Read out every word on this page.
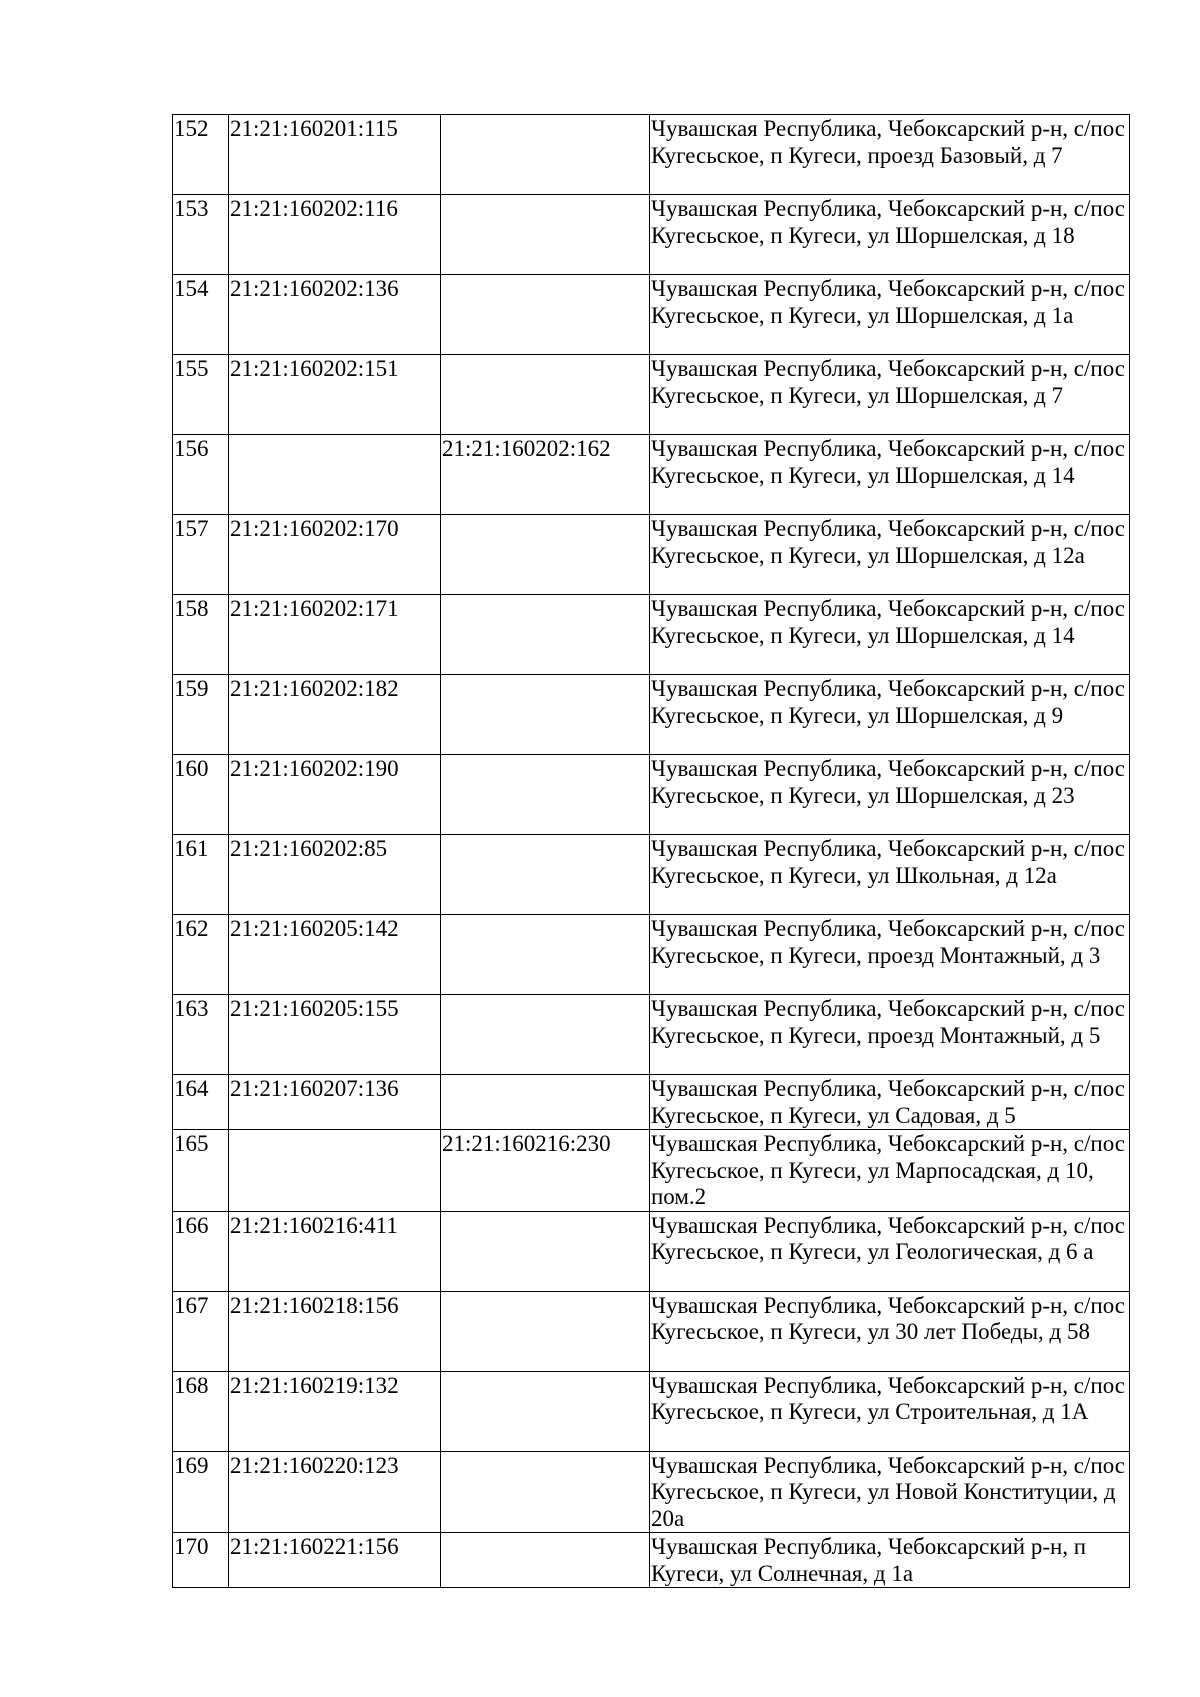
152	21:21:160201:115		Чувашская Республика, Чебоксарский р-н, с/пос Кугесьское, п Кугеси, проезд Базовый, д 7
153	21:21:160202:116		Чувашская Республика, Чебоксарский р-н, с/пос Кугесьское, п Кугеси, ул Шоршелская, д 18
154	21:21:160202:136		Чувашская Республика, Чебоксарский р-н, с/пос Кугесьское, п Кугеси, ул Шоршелская, д 1а
155	21:21:160202:151		Чувашская Республика, Чебоксарский р-н, с/пос Кугесьское, п Кугеси, ул Шоршелская, д 7
156		21:21:160202:162	Чувашская Республика, Чебоксарский р-н, с/пос Кугесьское, п Кугеси, ул Шоршелская, д 14
157	21:21:160202:170		Чувашская Республика, Чебоксарский р-н, с/пос Кугесьское, п Кугеси, ул Шоршелская, д 12а
158	21:21:160202:171		Чувашская Республика, Чебоксарский р-н, с/пос Кугесьское, п Кугеси, ул Шоршелская, д 14
159	21:21:160202:182		Чувашская Республика, Чебоксарский р-н, с/пос Кугесьское, п Кугеси, ул Шоршелская, д 9
160	21:21:160202:190		Чувашская Республика, Чебоксарский р-н, с/пос Кугесьское, п Кугеси, ул Шоршелская, д 23
161	21:21:160202:85		Чувашская Республика, Чебоксарский р-н, с/пос Кугесьское, п Кугеси, ул Школьная, д 12а
162	21:21:160205:142		Чувашская Республика, Чебоксарский р-н, с/пос Кугесьское, п Кугеси, проезд Монтажный, д 3
163	21:21:160205:155		Чувашская Республика, Чебоксарский р-н, с/пос Кугесьское, п Кугеси, проезд Монтажный, д 5
164	21:21:160207:136		Чувашская Республика, Чебоксарский р-н, с/пос Кугесьское, п Кугеси, ул Садовая, д 5
165		21:21:160216:230	Чувашская Республика, Чебоксарский р-н, с/пос Кугесьское, п Кугеси, ул Марпосадская, д 10, пом.2
166	21:21:160216:411		Чувашская Республика, Чебоксарский р-н, с/пос Кугесьское, п Кугеси, ул Геологическая, д 6 а
167	21:21:160218:156		Чувашская Республика, Чебоксарский р-н, с/пос Кугесьское, п Кугеси, ул 30 лет Победы, д 58
168	21:21:160219:132		Чувашская Республика, Чебоксарский р-н, с/пос Кугесьское, п Кугеси, ул Строительная, д 1А
169	21:21:160220:123		Чувашская Республика, Чебоксарский р-н, с/пос Кугесьское, п Кугеси, ул Новой Конституции, д 20а
170	21:21:160221:156		Чувашская Республика, Чебоксарский р-н, п Кугеси, ул Солнечная, д 1а
